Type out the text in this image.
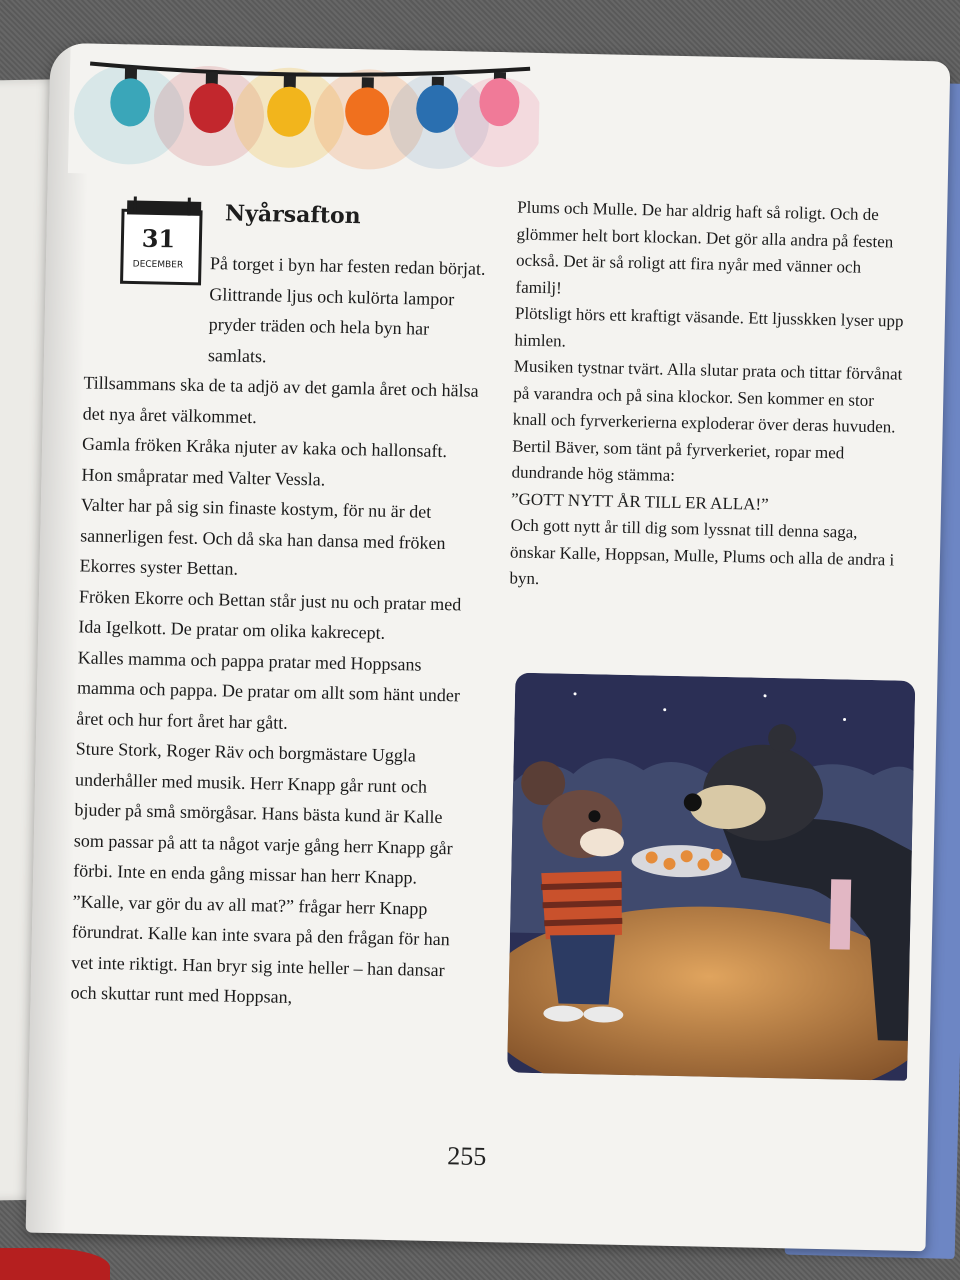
31
DECEMBER
Nyårsafton

På torget i byn har festen redan börjat. Glittrande ljus och kulörta lampor pryder träden och hela byn har samlats.

Tillsammans ska de ta adjö av det gamla året och hälsa det nya året välkommet.

Gamla fröken Kråka njuter av kaka och hallonsaft. Hon småpratar med Valter Vessla.

Valter har på sig sin finaste kostym, för nu är det sannerligen fest. Och då ska han dansa med fröken Ekorres syster Bettan.

Fröken Ekorre och Bettan står just nu och pratar med Ida Igelkott. De pratar om olika kakrecept.

Kalles mamma och pappa pratar med Hoppsans mamma och pappa. De pratar om allt som hänt under året och hur fort året har gått.

Sture Stork, Roger Räv och borgmästare Uggla underhåller med musik. Herr Knapp går runt och bjuder på små smörgåsar. Hans bästa kund är Kalle som passar på att ta något varje gång herr Knapp går förbi. Inte en enda gång missar han herr Knapp.

”Kalle, var gör du av all mat?” frågar herr Knapp förundrat. Kalle kan inte svara på den frågan för han vet inte riktigt. Han bryr sig inte heller – han dansar och skuttar runt med Hoppsan,

Plums och Mulle. De har aldrig haft så roligt. Och de glömmer helt bort klockan. Det gör alla andra på festen också. Det är så roligt att fira nyår med vänner och familj!

Plötsligt hörs ett kraftigt väsande. Ett ljusskken lyser upp himlen.

Musiken tystnar tvärt. Alla slutar prata och tittar förvånat på varandra och på sina klockor. Sen kommer en stor knall och fyrverkerierna exploderar över deras huvuden.

Bertil Bäver, som tänt på fyrverkeriet, ropar med dundrande hög stämma:

”GOTT NYTT ÅR TILL ER ALLA!”

Och gott nytt år till dig som lyssnat till denna saga, önskar Kalle, Hoppsan, Mulle, Plums och alla de andra i byn.

255
